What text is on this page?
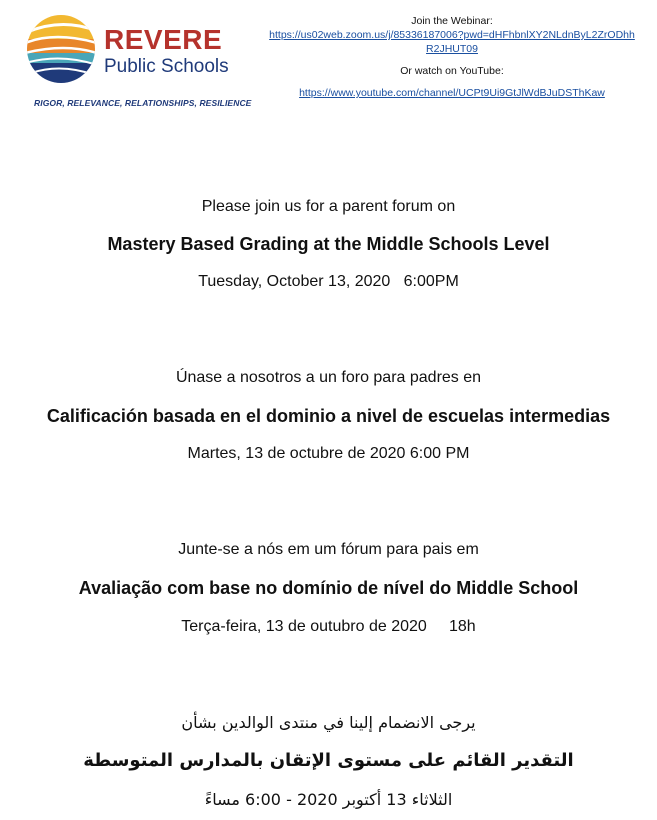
REVERE
Public Schools
RIGOR, RELEVANCE, RELATIONSHIPS, RESILIENCE
Join the Webinar:
https://us02web.zoom.us/j/85336187006?pwd=dHFhbnlXY2NLdnByL2ZrODhhR2JHUT09
Or watch on YouTube:
https://www.youtube.com/channel/UCPt9Ui9GtJlWdBJuDSThKaw
Please join us for a parent forum on
Mastery Based Grading at the Middle Schools Level
Tuesday, October 13, 2020   6:00PM
Únase a nosotros a un foro para padres en
Calificación basada en el dominio a nivel de escuelas intermedias
Martes, 13 de octubre de 2020 6:00 PM
Junte-se a nós em um fórum para pais em
Avaliação com base no domínio de nível do Middle School
Terça-feira, 13 de outubro de 2020     18h
يرجى الانضمام إلينا في منتدى الوالدين بشأن
التقدير القائم على مستوى الإتقان بالمدارس المتوسطة
الثلاثاء 13 أكتوبر 2020 - 6:00 مساءً
